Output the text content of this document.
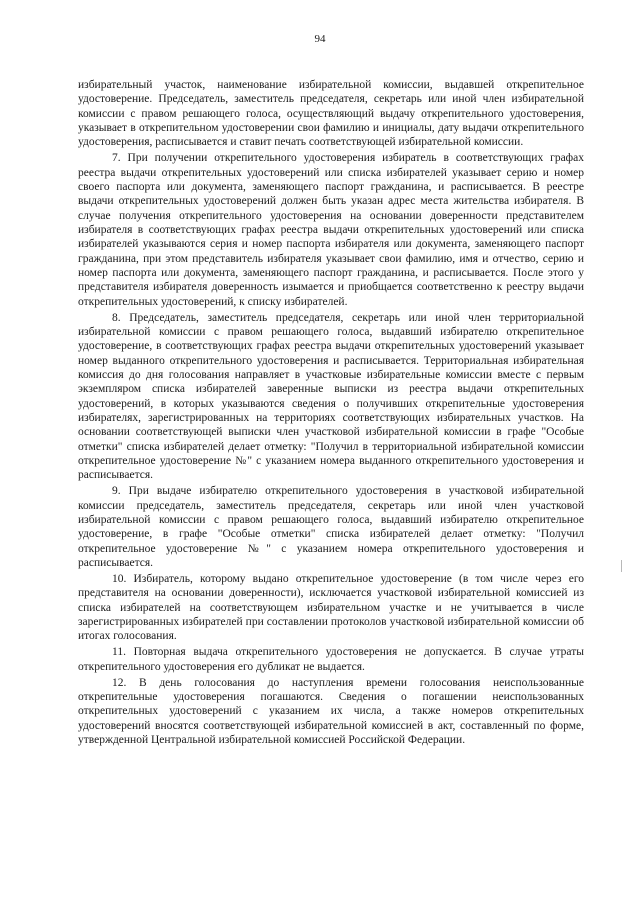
94

избирательный участок, наименование избирательной комиссии, выдавшей открепительное удостоверение. Председатель, заместитель председателя, секретарь или иной член избирательной комиссии с правом решающего голоса, осуществляющий выдачу открепительного удостоверения, указывает в открепительном удостоверении свои фамилию и инициалы, дату выдачи открепительного удостоверения, расписывается и ставит печать соответствующей избирательной комиссии.

7. При получении открепительного удостоверения избиратель в соответствующих графах реестра выдачи открепительных удостоверений или списка избирателей указывает серию и номер своего паспорта или документа, заменяющего паспорт гражданина, и расписывается. В реестре выдачи открепительных удостоверений должен быть указан адрес места жительства избирателя. В случае получения открепительного удостоверения на основании доверенности представителем избирателя в соответствующих графах реестра выдачи открепительных удостоверений или списка избирателей указываются серия и номер паспорта избирателя или документа, заменяющего паспорт гражданина, при этом представитель избирателя указывает свои фамилию, имя и отчество, серию и номер паспорта или документа, заменяющего паспорт гражданина, и расписывается. После этого у представителя избирателя доверенность изымается и приобщается соответственно к реестру выдачи открепительных удостоверений, к списку избирателей.

8. Председатель, заместитель председателя, секретарь или иной член территориальной избирательной комиссии с правом решающего голоса, выдавший избирателю открепительное удостоверение, в соответствующих графах реестра выдачи открепительных удостоверений указывает номер выданного открепительного удостоверения и расписывается. Территориальная избирательная комиссия до дня голосования направляет в участковые избирательные комиссии вместе с первым экземпляром списка избирателей заверенные выписки из реестра выдачи открепительных удостоверений, в которых указываются сведения о получивших открепительные удостоверения избирателях, зарегистрированных на территориях соответствующих избирательных участков. На основании соответствующей выписки член участковой избирательной комиссии в графе "Особые отметки" списка избирателей делает отметку: "Получил в территориальной избирательной комиссии открепительное удостоверение №" с указанием номера выданного открепительного удостоверения и расписывается.

9. При выдаче избирателю открепительного удостоверения в участковой избирательной комиссии председатель, заместитель председателя, секретарь или иной член участковой избирательной комиссии с правом решающего голоса, выдавший избирателю открепительное удостоверение, в графе "Особые отметки" списка избирателей делает отметку: "Получил открепительное удостоверение №" с указанием номера открепительного удостоверения и расписывается.

10. Избиратель, которому выдано открепительное удостоверение (в том числе через его представителя на основании доверенности), исключается участковой избирательной комиссией из списка избирателей на соответствующем избирательном участке и не учитывается в числе зарегистрированных избирателей при составлении протоколов участковой избирательной комиссии об итогах голосования.

11. Повторная выдача открепительного удостоверения не допускается. В случае утраты открепительного удостоверения его дубликат не выдается.

12. В день голосования до наступления времени голосования неиспользованные открепительные удостоверения погашаются. Сведения о погашении неиспользованных открепительных удостоверений с указанием их числа, а также номеров открепительных удостоверений вносятся соответствующей избирательной комиссией в акт, составленный по форме, утвержденной Центральной избирательной комиссией Российской Федерации.
